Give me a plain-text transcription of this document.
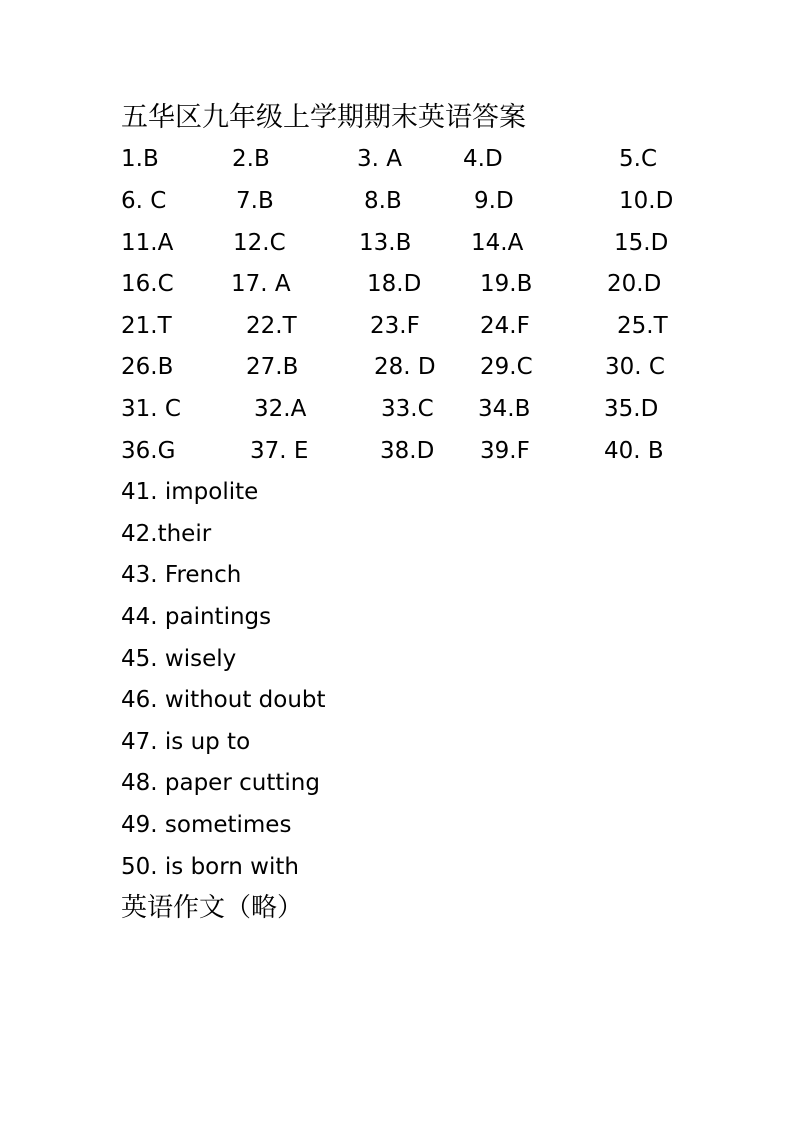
五华区九年级上学期期末英语答案
1.B	2.B	3. A	4.D	5.C
6. C	7.B	8.B	9.D	10.D
11.A	12.C	13.B	14.A	15.D
16.C 17. A	18.D	19.B	20.D
21.T	22.T	23.F	24.F	25.T
26.B	27.B	28. D 29.C	30. C
31. C	32.A	33.C 34.B	35.D
36.G	37. E	38.D 39.F	40. B
41. impolite
42.their
43. French
44. paintings
45. wisely
46. without doubt
47. is up to
48. paper cutting
49. sometimes
50. is born with
英语作文（略）
